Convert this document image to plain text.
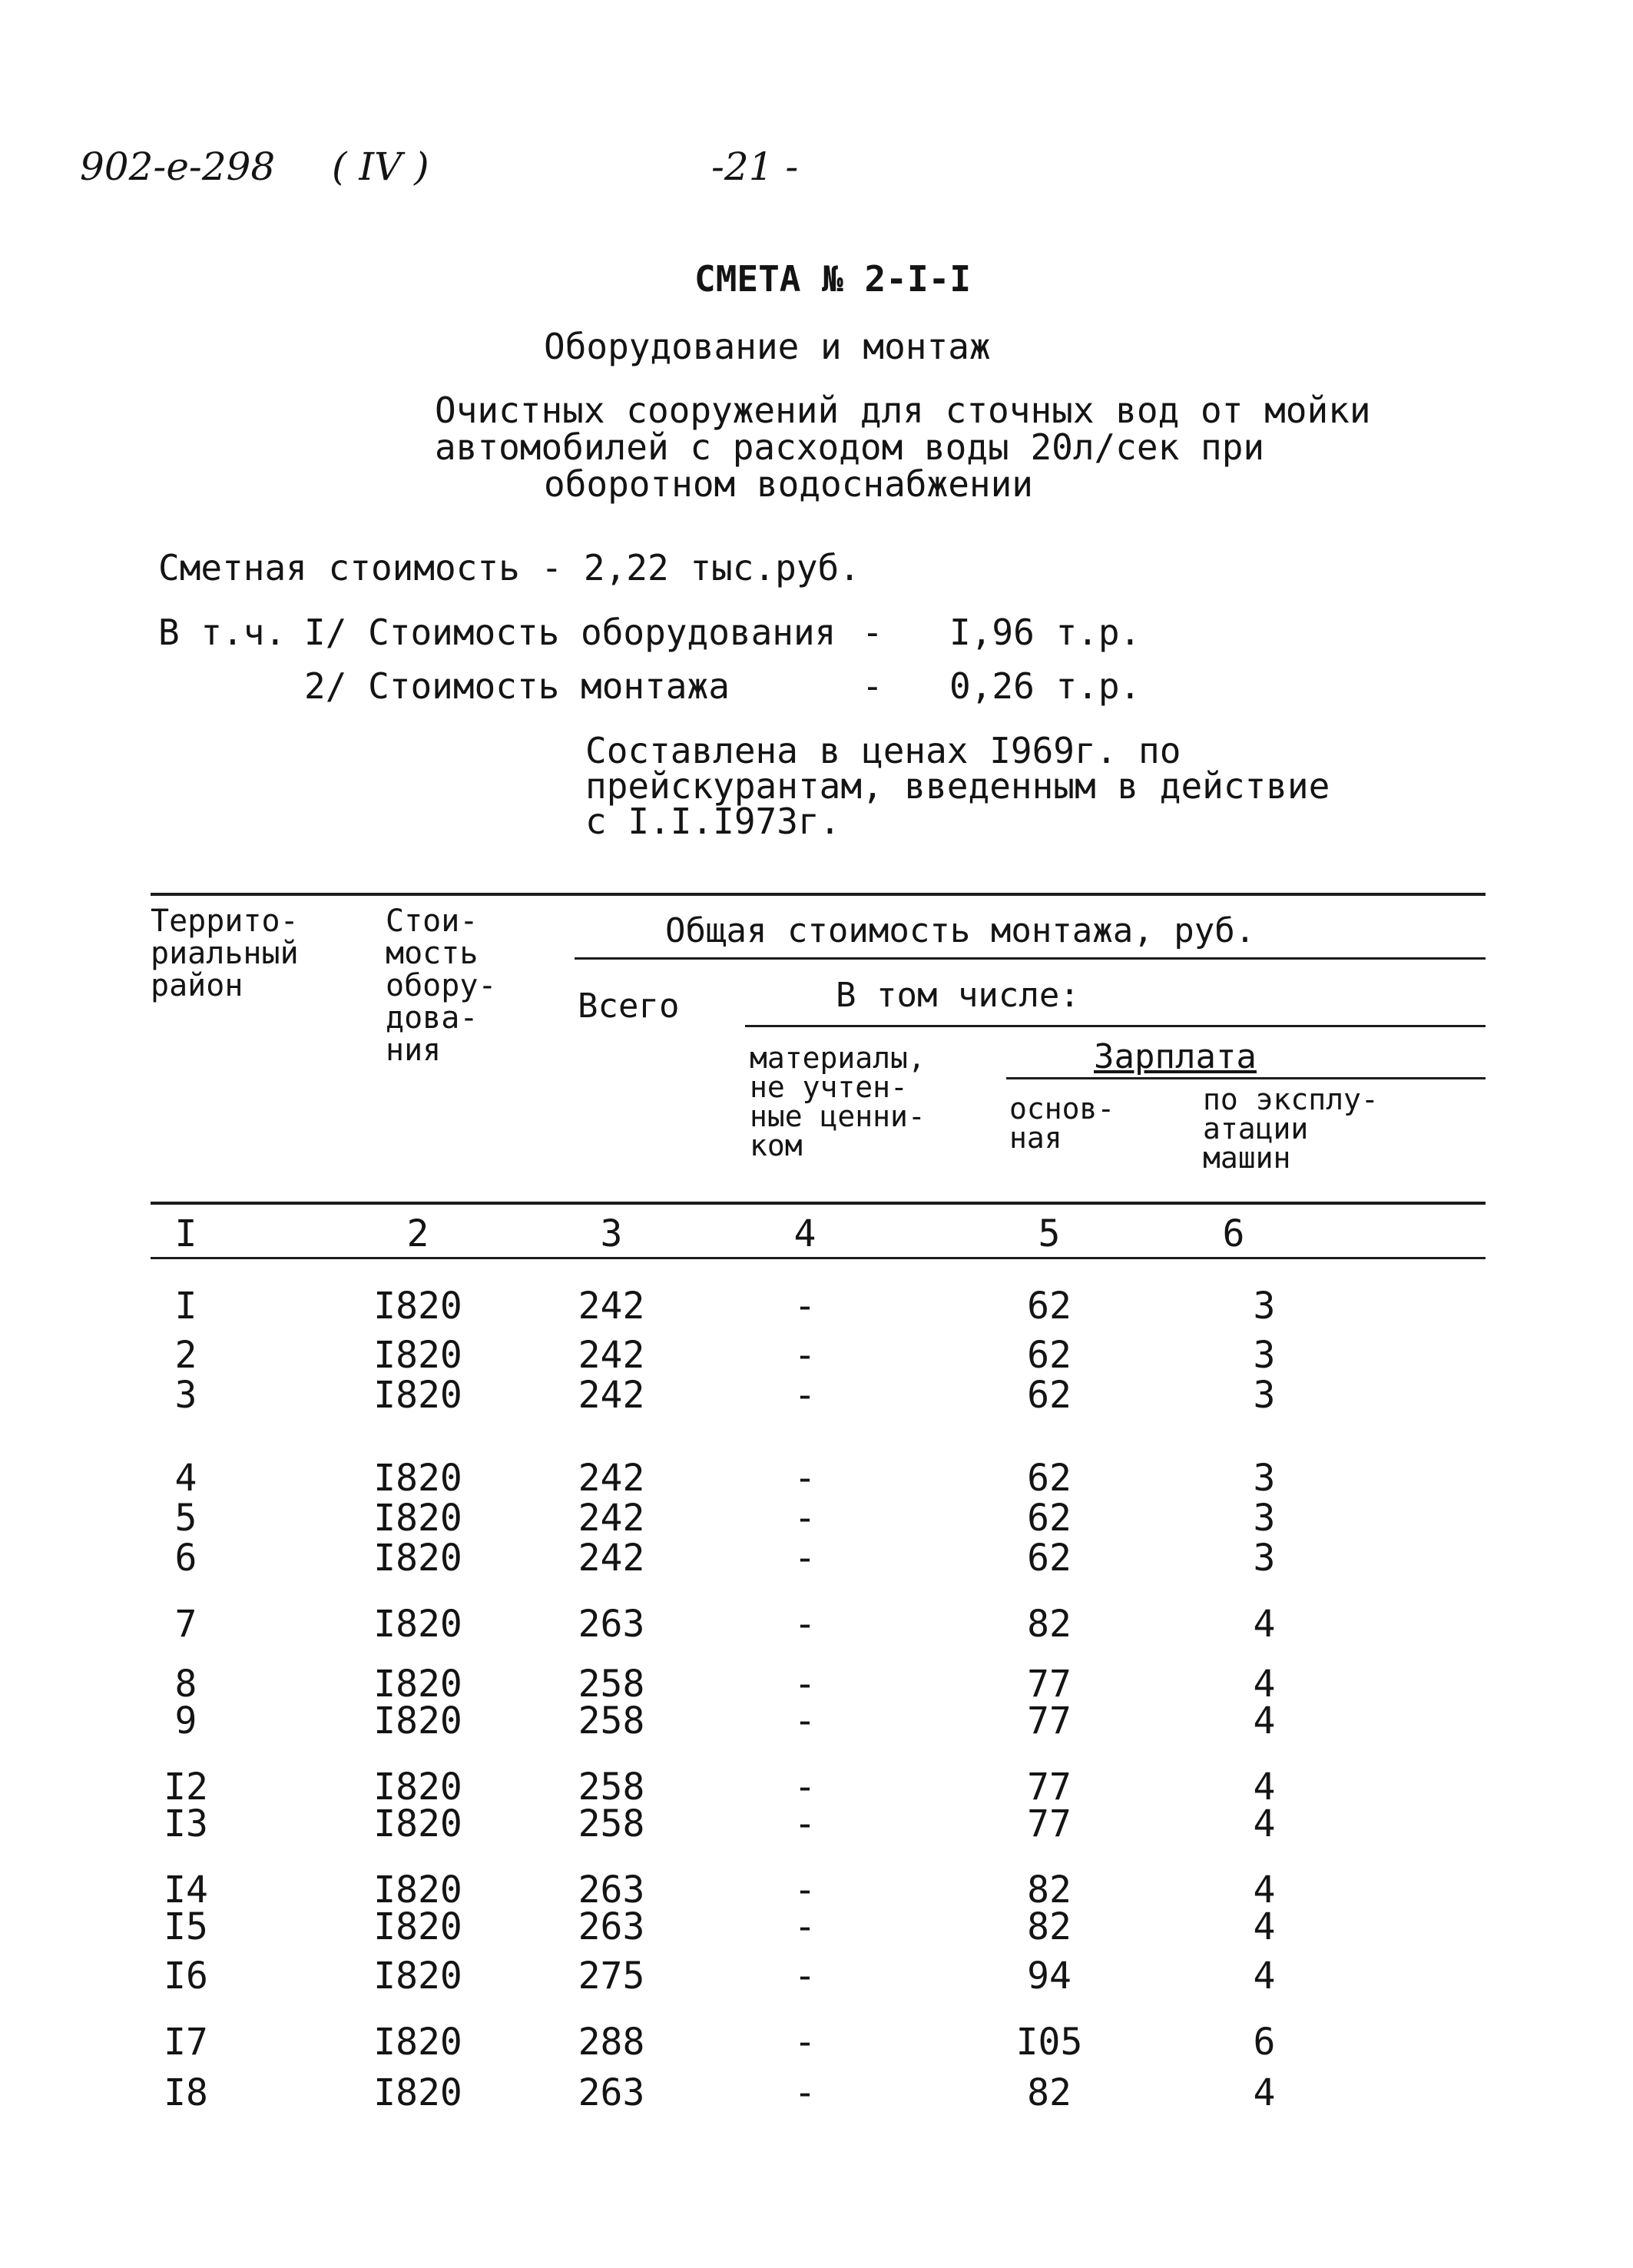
902-е-298 ( IV )	-21 -
СМЕТА № 2-I-I
Оборудование и монтаж
Очистных сооружений для сточных вод от мойки
автомобилей с расходом воды 20л/сек при
оборотном водоснабжении
Сметная стоимость - 2,22 тыс.руб.
В т.ч. I/ Стоимость оборудования - I,96 т.р.
2/ Стоимость монтажа	- 0,26 т.р.
Составлена в ценах I969г. по
прейскурантам, введенным в действие
с I.I.I973г.
Террито-
риальный
район
Стои-
мость
обору-
дова-
ния
Общая стоимость монтажа, руб.
Всего	В том числе:
материалы,
не учтен-
ные ценни-
ком
Зарплата
основ-
ная
по эксплу-
атации
машин
I	2	3	4	5	6
I	I820	242	-	62	3
2	I820	242	-	62	3
3	I820	242	-	62	3
4	I820	242	-	62	3
5	I820	242	-	62	3
6	I820	242	-	62	3
7	I820	263	-	82	4
8	I820	258	-	77	4
9	I820	258	-	77	4
I2	I820	258	-	77	4
I3	I820	258	-	77	4
I4	I820	263	-	82	4
I5	I820	263	-	82	4
I6	I820	275	-	94	4
I7	I820	288	-	I05	6
I8	I820	263	-	82	4
